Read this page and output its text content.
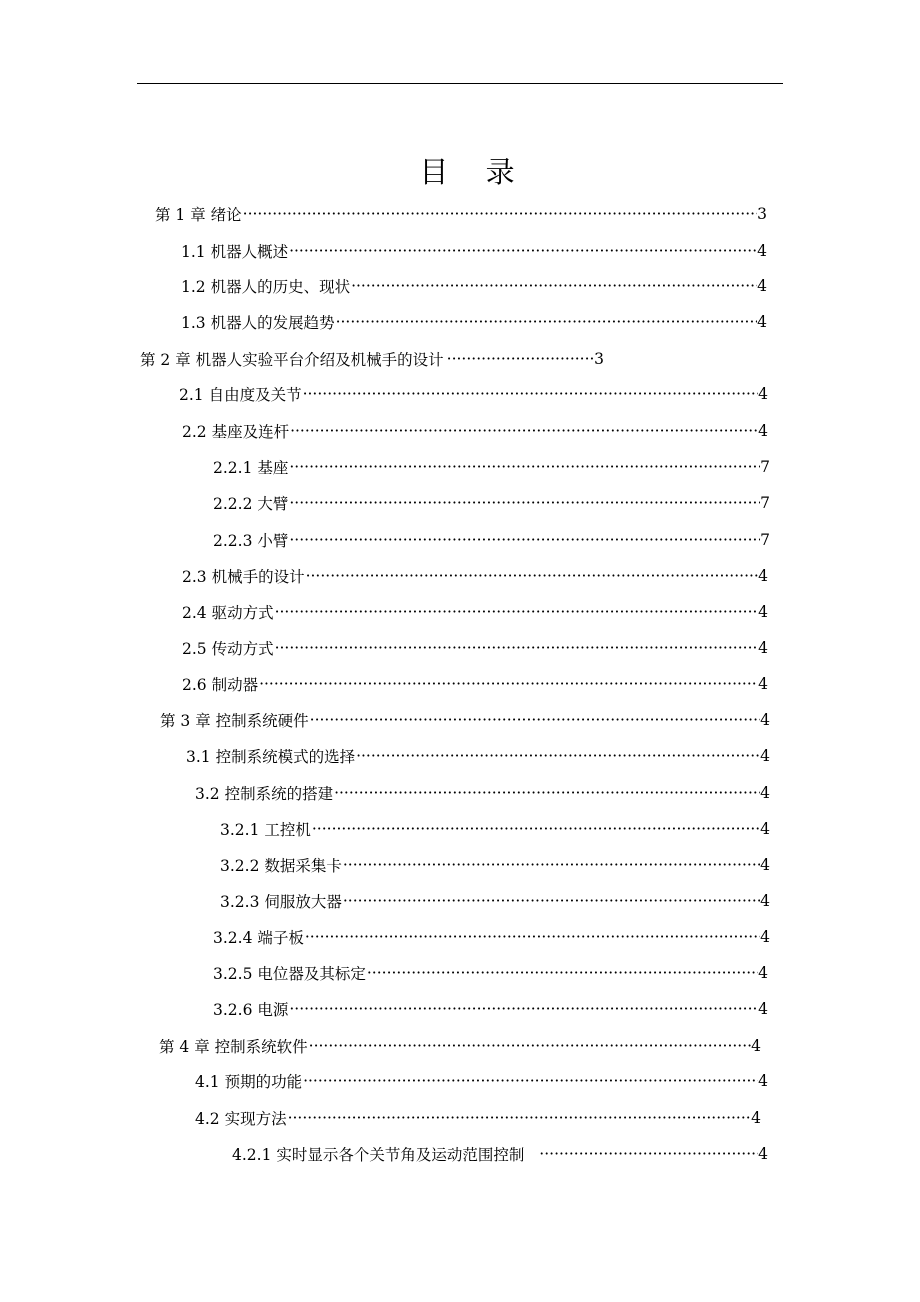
目 录
第 1 章 绪论 ·····	3
1.1 机器人概述 ·····	4
1.2 机器人的历史、现状 ·····	4
1.3 机器人的发展趋势 ·····	4
第 2 章 机器人实验平台介绍及机械手的设计 ·····	3
2.1 自由度及关节 ·····	4
2.2 基座及连杆 ·····	4
2.2.1 基座 ·····	7
2.2.2 大臂 ·····	7
2.2.3 小臂 ·····	7
2.3 机械手的设计 ·····	4
2.4 驱动方式 ·····	4
2.5 传动方式 ·····	4
2.6 制动器 ·····	4
第 3 章 控制系统硬件 ·····	4
3.1 控制系统模式的选择 ·····	4
3.2 控制系统的搭建 ·····	4
3.2.1 工控机 ·····	4
3.2.2 数据采集卡 ·····	4
3.2.3 伺服放大器 ·····	4
3.2.4 端子板 ·····	4
3.2.5 电位器及其标定 ·····	4
3.2.6 电源 ·····	4
第 4 章 控制系统软件 ·····	4
4.1 预期的功能 ·····	4
4.2 实现方法 ·····	4
4.2.1 实时显示各个关节角及运动范围控制 ·····	4
